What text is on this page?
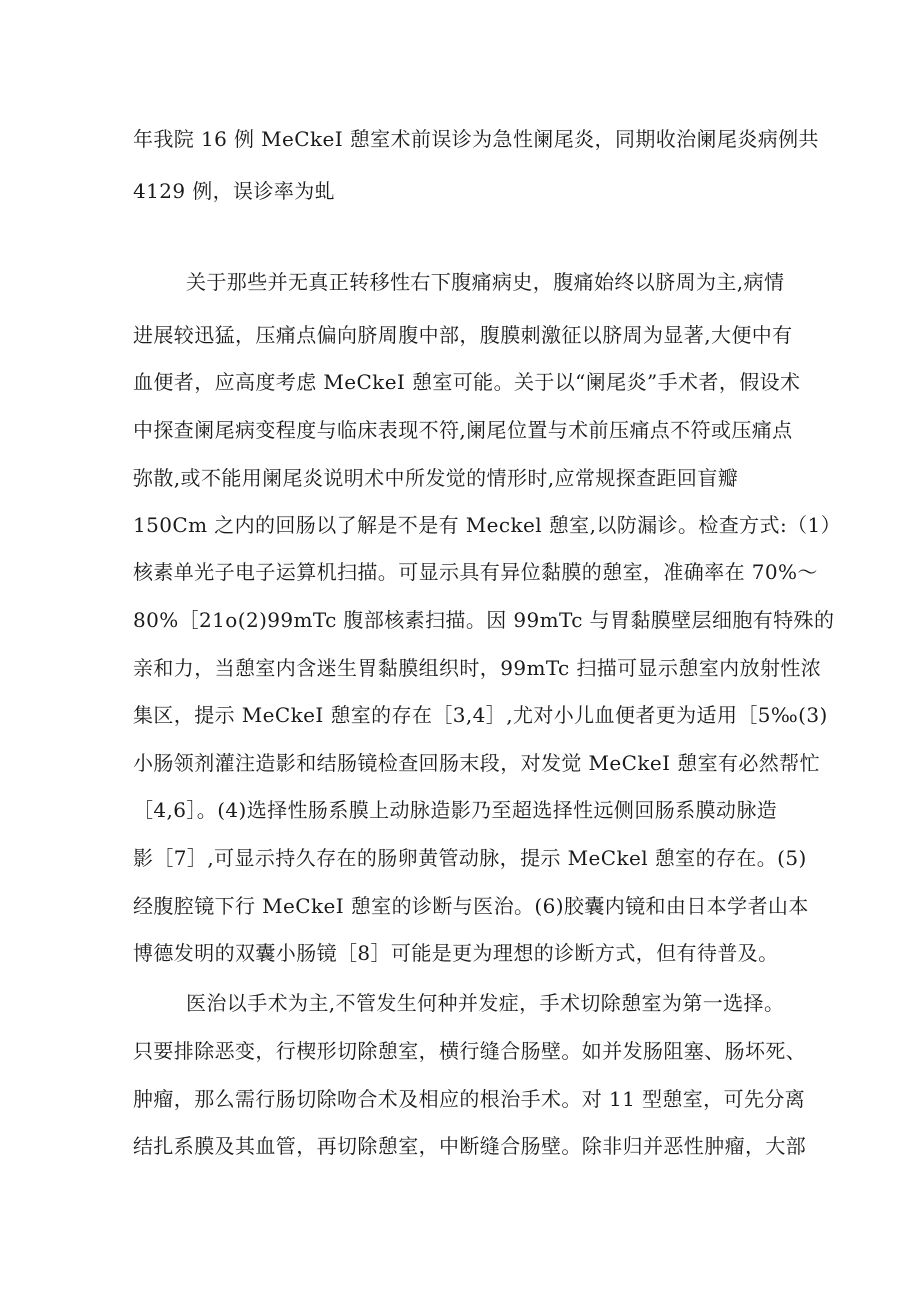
年我院 16 例 MeCkeI 憩室术前误诊为急性阑尾炎，同期收治阑尾炎病例共
4129 例，误诊率为虬
关于那些并无真正转移性右下腹痛病史，腹痛始终以脐周为主,病情
进展较迅猛，压痛点偏向脐周腹中部，腹膜刺激征以脐周为显著,大便中有
血便者，应高度考虑 MeCkeI 憩室可能。关于以“阑尾炎”手术者，假设术
中探查阑尾病变程度与临床表现不符,阑尾位置与术前压痛点不符或压痛点
弥散,或不能用阑尾炎说明术中所发觉的情形时,应常规探查距回盲瓣
150Cm 之内的回肠以了解是不是有 Meckel 憩室,以防漏诊。检查方式:（1）
核素单光子电子运算机扫描。可显示具有异位黏膜的憩室，准确率在 70%～
80%［21o(2)99mTc 腹部核素扫描。因 99mTc 与胃黏膜壁层细胞有特殊的
亲和力，当憩室内含迷生胃黏膜组织时，99mTc 扫描可显示憩室内放射性浓
集区，提示 MeCkeI 憩室的存在［3,4］,尤对小儿血便者更为适用［5‰(3)
小肠领剂灌注造影和结肠镜检查回肠末段，对发觉 MeCkeI 憩室有必然帮忙
［4,6］。(4)选择性肠系膜上动脉造影乃至超选择性远侧回肠系膜动脉造
影［7］,可显示持久存在的肠卵黄管动脉，提示 MeCkel 憩室的存在。(5)
经腹腔镜下行 MeCkeI 憩室的诊断与医治。(6)胶囊内镜和由日本学者山本
博德发明的双囊小肠镜［8］可能是更为理想的诊断方式，但有待普及。
医治以手术为主,不管发生何种并发症，手术切除憩室为第一选择。
只要排除恶变，行楔形切除憩室，横行缝合肠壁。如并发肠阻塞、肠坏死、
肿瘤，那么需行肠切除吻合术及相应的根治手术。对 11 型憩室，可先分离
结扎系膜及其血管，再切除憩室，中断缝合肠壁。除非归并恶性肿瘤，大部
